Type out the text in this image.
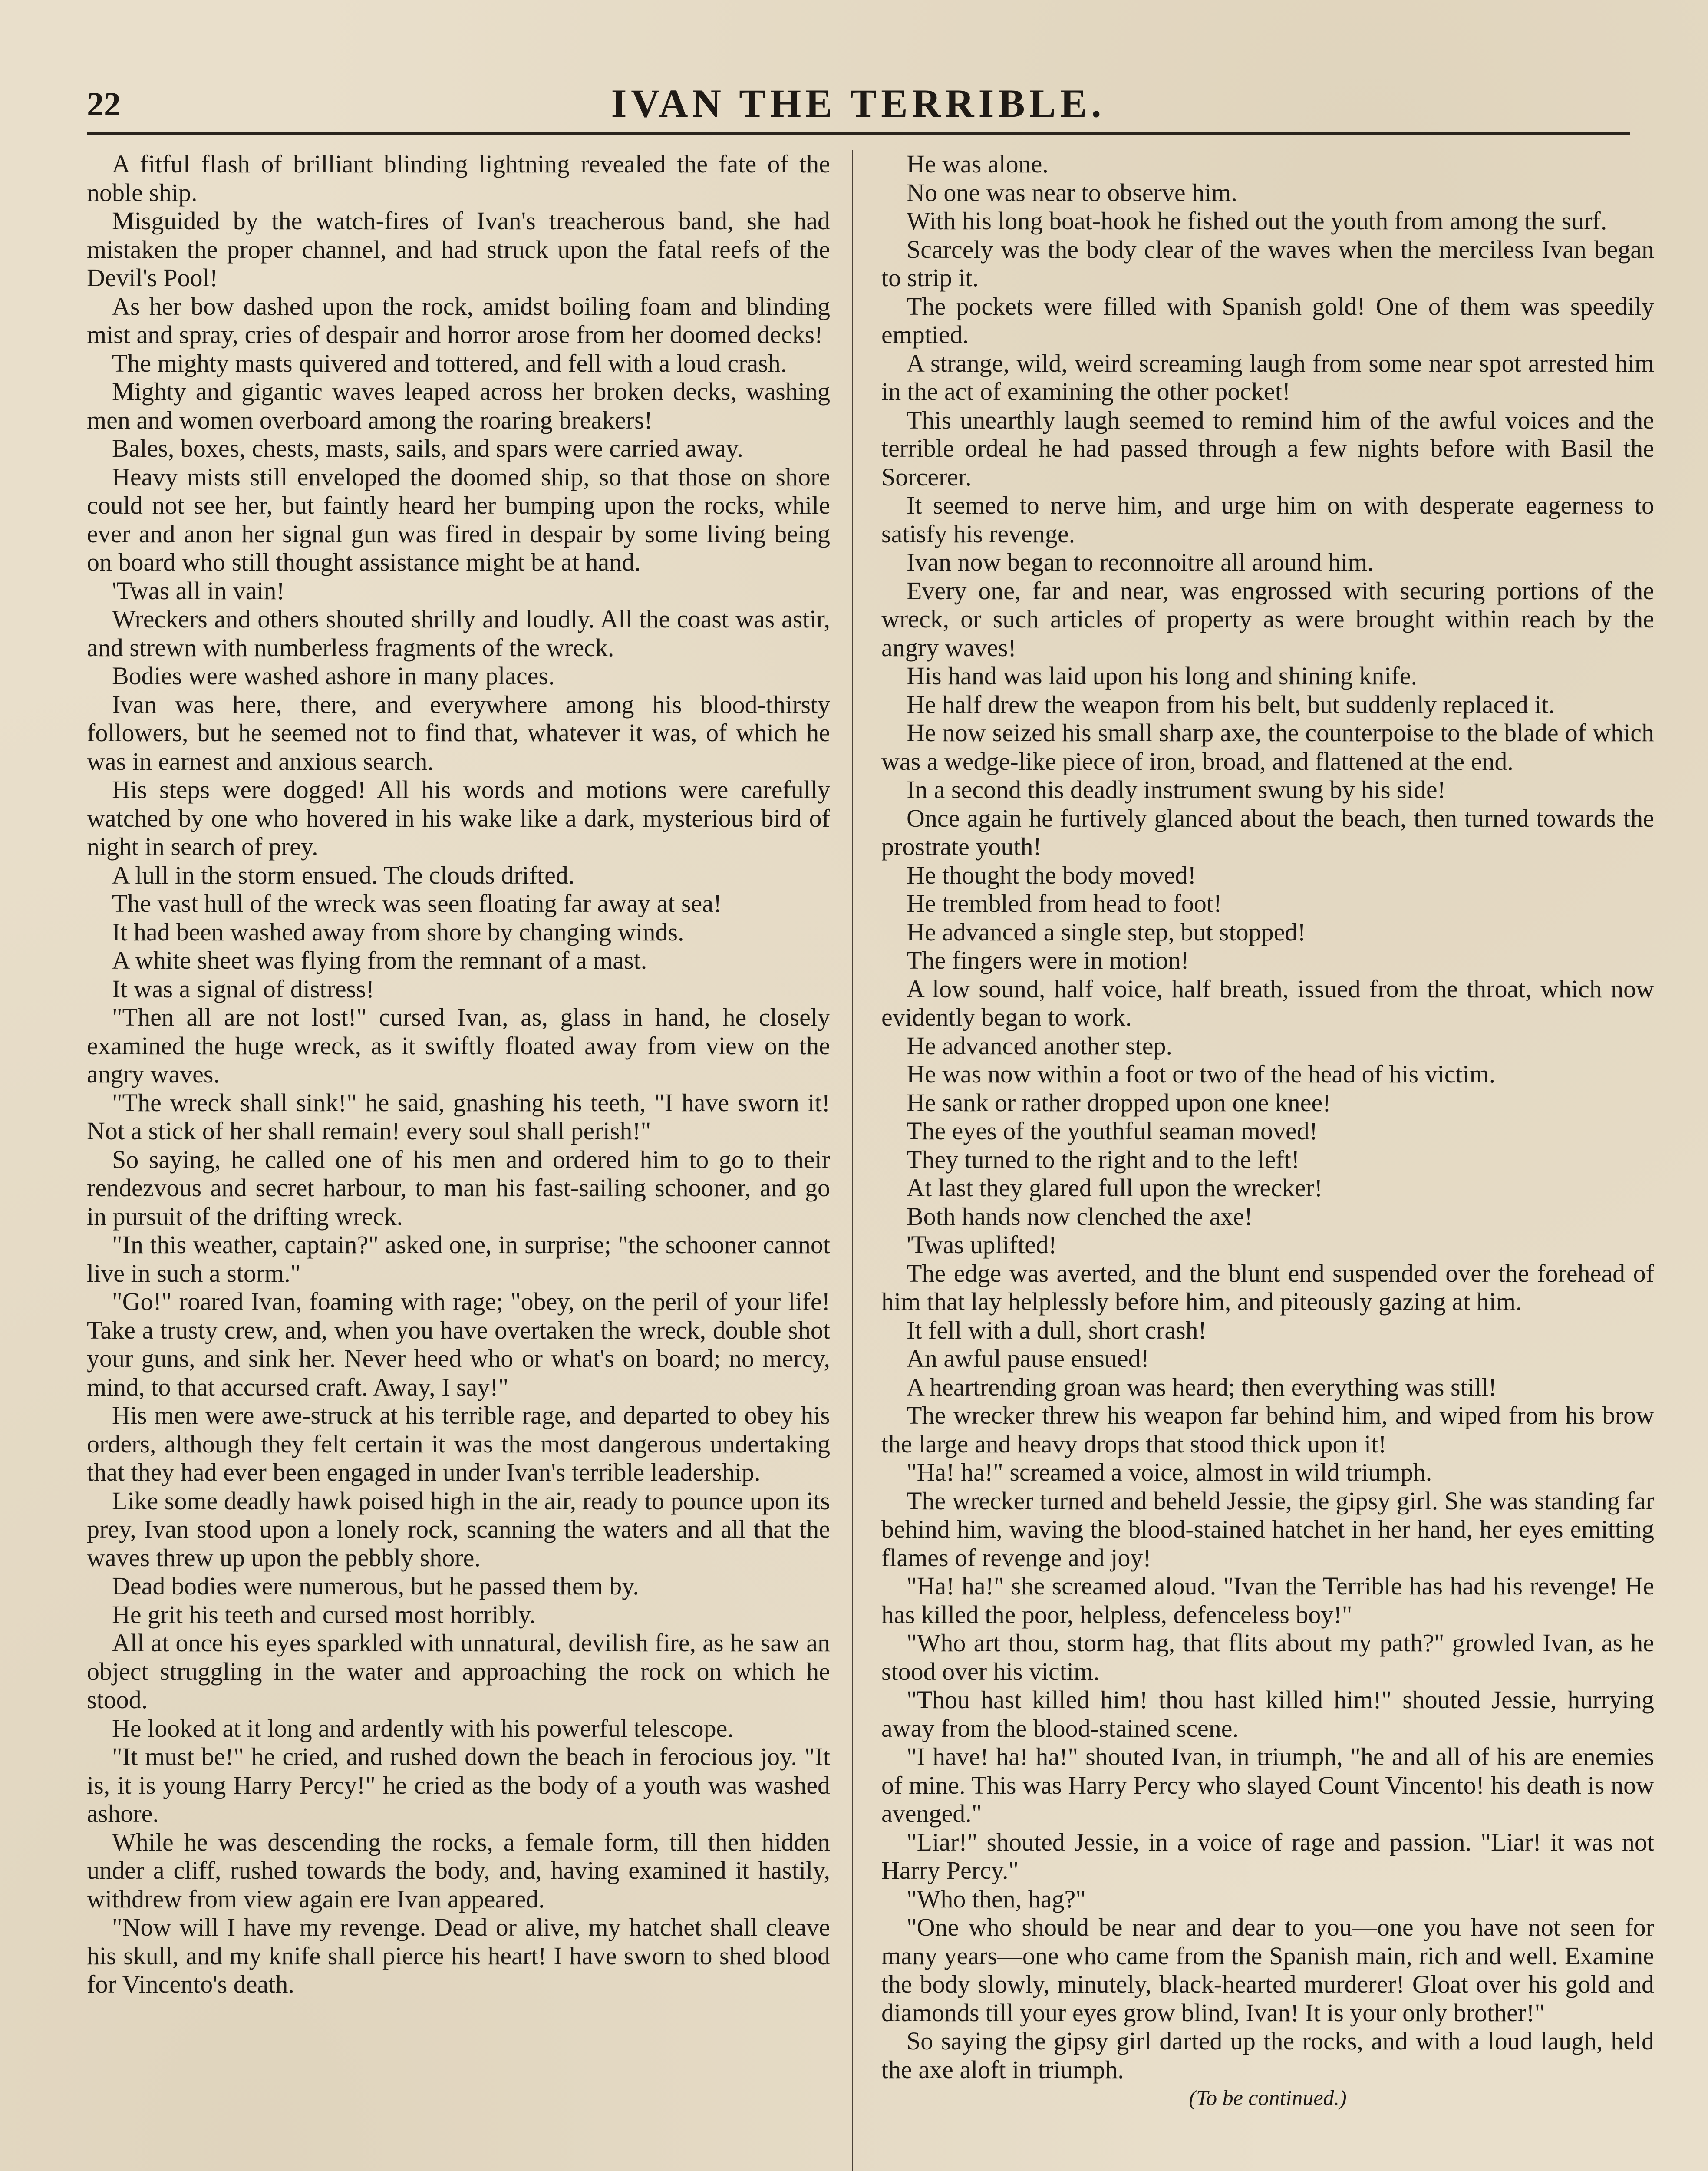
22	IVAN THE TERRIBLE.

A fitful flash of brilliant blinding lightning revealed the fate of the noble ship.

Misguided by the watch-fires of Ivan's treacherous band, she had mistaken the proper channel, and had struck upon the fatal reefs of the Devil's Pool!

As her bow dashed upon the rock, amidst boiling foam and blinding mist and spray, cries of despair and horror arose from her doomed decks!

The mighty masts quivered and tottered, and fell with a loud crash.

Mighty and gigantic waves leaped across her broken decks, washing men and women overboard among the roaring breakers!

Bales, boxes, chests, masts, sails, and spars were carried away.

Heavy mists still enveloped the doomed ship, so that those on shore could not see her, but faintly heard her bumping upon the rocks, while ever and anon her signal gun was fired in despair by some living being on board who still thought assistance might be at hand.

'Twas all in vain!

Wreckers and others shouted shrilly and loudly. All the coast was astir, and strewn with numberless fragments of the wreck.

Bodies were washed ashore in many places.

Ivan was here, there, and everywhere among his blood-thirsty followers, but he seemed not to find that, whatever it was, of which he was in earnest and anxious search.

His steps were dogged! All his words and motions were carefully watched by one who hovered in his wake like a dark, mysterious bird of night in search of prey.

A lull in the storm ensued. The clouds drifted.

The vast hull of the wreck was seen floating far away at sea!

It had been washed away from shore by changing winds.

A white sheet was flying from the remnant of a mast.

It was a signal of distress!

"Then all are not lost!" cursed Ivan, as, glass in hand, he closely examined the huge wreck, as it swiftly floated away from view on the angry waves.

"The wreck shall sink!" he said, gnashing his teeth, "I have sworn it! Not a stick of her shall remain! every soul shall perish!"

So saying, he called one of his men and ordered him to go to their rendezvous and secret harbour, to man his fast-sailing schooner, and go in pursuit of the drifting wreck.

"In this weather, captain?" asked one, in surprise; "the schooner cannot live in such a storm."

"Go!" roared Ivan, foaming with rage; "obey, on the peril of your life! Take a trusty crew, and, when you have overtaken the wreck, double shot your guns, and sink her. Never heed who or what's on board; no mercy, mind, to that accursed craft. Away, I say!"

His men were awe-struck at his terrible rage, and departed to obey his orders, although they felt certain it was the most dangerous undertaking that they had ever been engaged in under Ivan's terrible leadership.

Like some deadly hawk poised high in the air, ready to pounce upon its prey, Ivan stood upon a lonely rock, scanning the waters and all that the waves threw up upon the pebbly shore.

Dead bodies were numerous, but he passed them by.

He grit his teeth and cursed most horribly.

All at once his eyes sparkled with unnatural, devilish fire, as he saw an object struggling in the water and approaching the rock on which he stood.

He looked at it long and ardently with his powerful telescope.

"It must be!" he cried, and rushed down the beach in ferocious joy. "It is, it is young Harry Percy!" he cried as the body of a youth was washed ashore.

While he was descending the rocks, a female form, till then hidden under a cliff, rushed towards the body, and, having examined it hastily, withdrew from view again ere Ivan appeared.

"Now will I have my revenge. Dead or alive, my hatchet shall cleave his skull, and my knife shall pierce his heart! I have sworn to shed blood for Vincento's death.

He was alone.

No one was near to observe him.

With his long boat-hook he fished out the youth from among the surf.

Scarcely was the body clear of the waves when the merciless Ivan began to strip it.

The pockets were filled with Spanish gold! One of them was speedily emptied.

A strange, wild, weird screaming laugh from some near spot arrested him in the act of examining the other pocket!

This unearthly laugh seemed to remind him of the awful voices and the terrible ordeal he had passed through a few nights before with Basil the Sorcerer.

It seemed to nerve him, and urge him on with desperate eagerness to satisfy his revenge.

Ivan now began to reconnoitre all around him.

Every one, far and near, was engrossed with securing portions of the wreck, or such articles of property as were brought within reach by the angry waves!

His hand was laid upon his long and shining knife.

He half drew the weapon from his belt, but suddenly replaced it.

He now seized his small sharp axe, the counterpoise to the blade of which was a wedge-like piece of iron, broad, and flattened at the end.

In a second this deadly instrument swung by his side!

Once again he furtively glanced about the beach, then turned towards the prostrate youth!

He thought the body moved!

He trembled from head to foot!

He advanced a single step, but stopped!

The fingers were in motion!

A low sound, half voice, half breath, issued from the throat, which now evidently began to work.

He advanced another step.

He was now within a foot or two of the head of his victim.

He sank or rather dropped upon one knee!

The eyes of the youthful seaman moved!

They turned to the right and to the left!

At last they glared full upon the wrecker!

Both hands now clenched the axe!

'Twas uplifted!

The edge was averted, and the blunt end suspended over the forehead of him that lay helplessly before him, and piteously gazing at him.

It fell with a dull, short crash!

An awful pause ensued!

A heartrending groan was heard; then everything was still!

The wrecker threw his weapon far behind him, and wiped from his brow the large and heavy drops that stood thick upon it!

"Ha! ha!" screamed a voice, almost in wild triumph.

The wrecker turned and beheld Jessie, the gipsy girl. She was standing far behind him, waving the blood-stained hatchet in her hand, her eyes emitting flames of revenge and joy!

"Ha! ha!" she screamed aloud. "Ivan the Terrible has had his revenge! He has killed the poor, helpless, defenceless boy!"

"Who art thou, storm hag, that flits about my path?" growled Ivan, as he stood over his victim.

"Thou hast killed him! thou hast killed him!" shouted Jessie, hurrying away from the blood-stained scene.

"I have! ha! ha!" shouted Ivan, in triumph, "he and all of his are enemies of mine. This was Harry Percy who slayed Count Vincento! his death is now avenged."

"Liar!" shouted Jessie, in a voice of rage and passion. "Liar! it was not Harry Percy."

"Who then, hag?"

"One who should be near and dear to you—one you have not seen for many years—one who came from the Spanish main, rich and well. Examine the body slowly, minutely, black-hearted murderer! Gloat over his gold and diamonds till your eyes grow blind, Ivan! It is your only brother!"

So saying the gipsy girl darted up the rocks, and with a loud laugh, held the axe aloft in triumph.

(To be continued.)
